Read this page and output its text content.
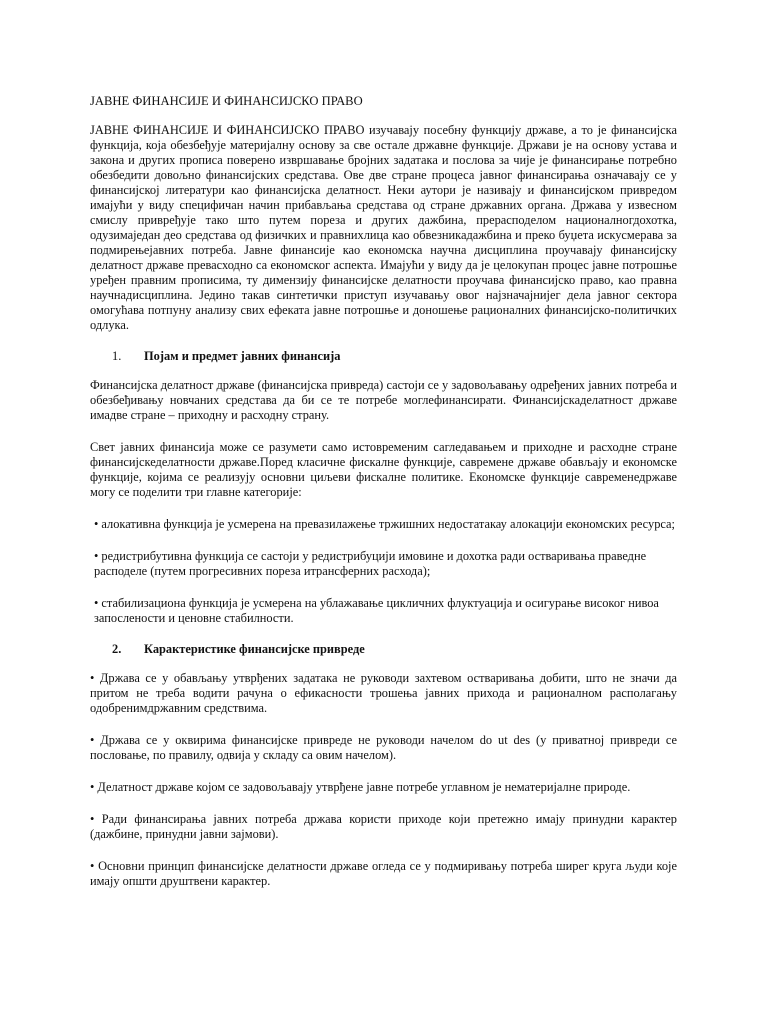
ЈАВНЕ ФИНАНСИЈЕ И ФИНАНСИЈСКО ПРАВО

ЈАВНЕ ФИНАНСИЈЕ И ФИНАНСИЈСКО ПРАВО изучавају посебну функцију државе, а то је финансијска функција, која обезбеђује материјалну основу за све остале државне функције. Држави је на основу устава и закона и других прописа поверено извршавање бројних задатака и послова за чије је финансирање потребно обезбедити довољно финансијских средстава. Ове две стране процеса јавног финансирања означавају се у финансијској литератури као финансијска делатност. Неки аутори је називају и финансијском привредом имајући у виду специфичан начин прибављања средстава од стране државних органа. Држава у извесном смислу привређује тако што путем пореза и других дажбина, прерасподелом националногдохотка, одузимаједан део средстава од физичких и правнихлица као обвезникадажбина и преко буџета искусмерава за подмирењејавних потреба. Јавне финансије као економска научна дисциплина проучавају финансијску делатност државе превасходно са економског аспекта. Имајући у виду да је целокупан процес јавне потрошње уређен правним прописима, ту димензију финансијске делатности проучава финансијско право, као правна научнадисциплина. Једино такав синтетички приступ изучавању овог најзначајнијег дела јавног сектора омогућава потпуну анализу свих ефеката јавне потрошње и доношење рационалних финансијско-политичких одлука.

1. Појам и предмет јавних финансија

Финансијска делатност државе (финансијска привреда) састоји се у задовољавању одређених јавних потреба и обезбеђивању новчаних средстава да би се те потребе моглефинансирати. Финансијскаделатност државе имадве стране – приходну и расходну страну.

Свет јавних финансија може се разумети само истовременим сагледавањем и приходне и расходне стране финансијскеделатности државе.Поред класичне фискалне функције, савремене државе обављају и економске функције, којима се реализују основни циљеви фискалне политике. Економске функције савременедржаве могу се поделити три главне категорије:

• алокативна функција је усмерена на превазилажење тржишних недостатакау алокацији економских ресурса;

• редистрибутивна функција се састоји у редистрибуцији имовине и дохотка ради остваривања праведне расподеле (путем прогресивних пореза итрансферних расхода);

• стабилизациона функција је усмерена на ублажавање цикличних флуктуација и осигурање високог нивоа запослености и ценовне стабилности.

2. Карактеристике финансијске привреде

• Држава се у обављању утврђених задатака не руководи захтевом остваривања добити, што не значи да притом не треба водити рачуна о ефикасности трошења јавних прихода и рационалном располагању одобренимдржавним средствима.

• Држава се у оквирима финансијске привреде не руководи начелом do ut des (у приватној привреди се пословање, по правилу, одвија у складу са овим начелом).

• Делатност државе којом се задовољавају утврђене јавне потребе углавном је нематеријалне природе.

• Ради финансирања јавних потреба држава користи приходе који претежно имају принудни карактер (дажбине, принудни јавни зајмови).

• Основни принцип финансијске делатности државе огледа се у подмиривању потреба ширег круга људи које имају општи друштвени карактер.
